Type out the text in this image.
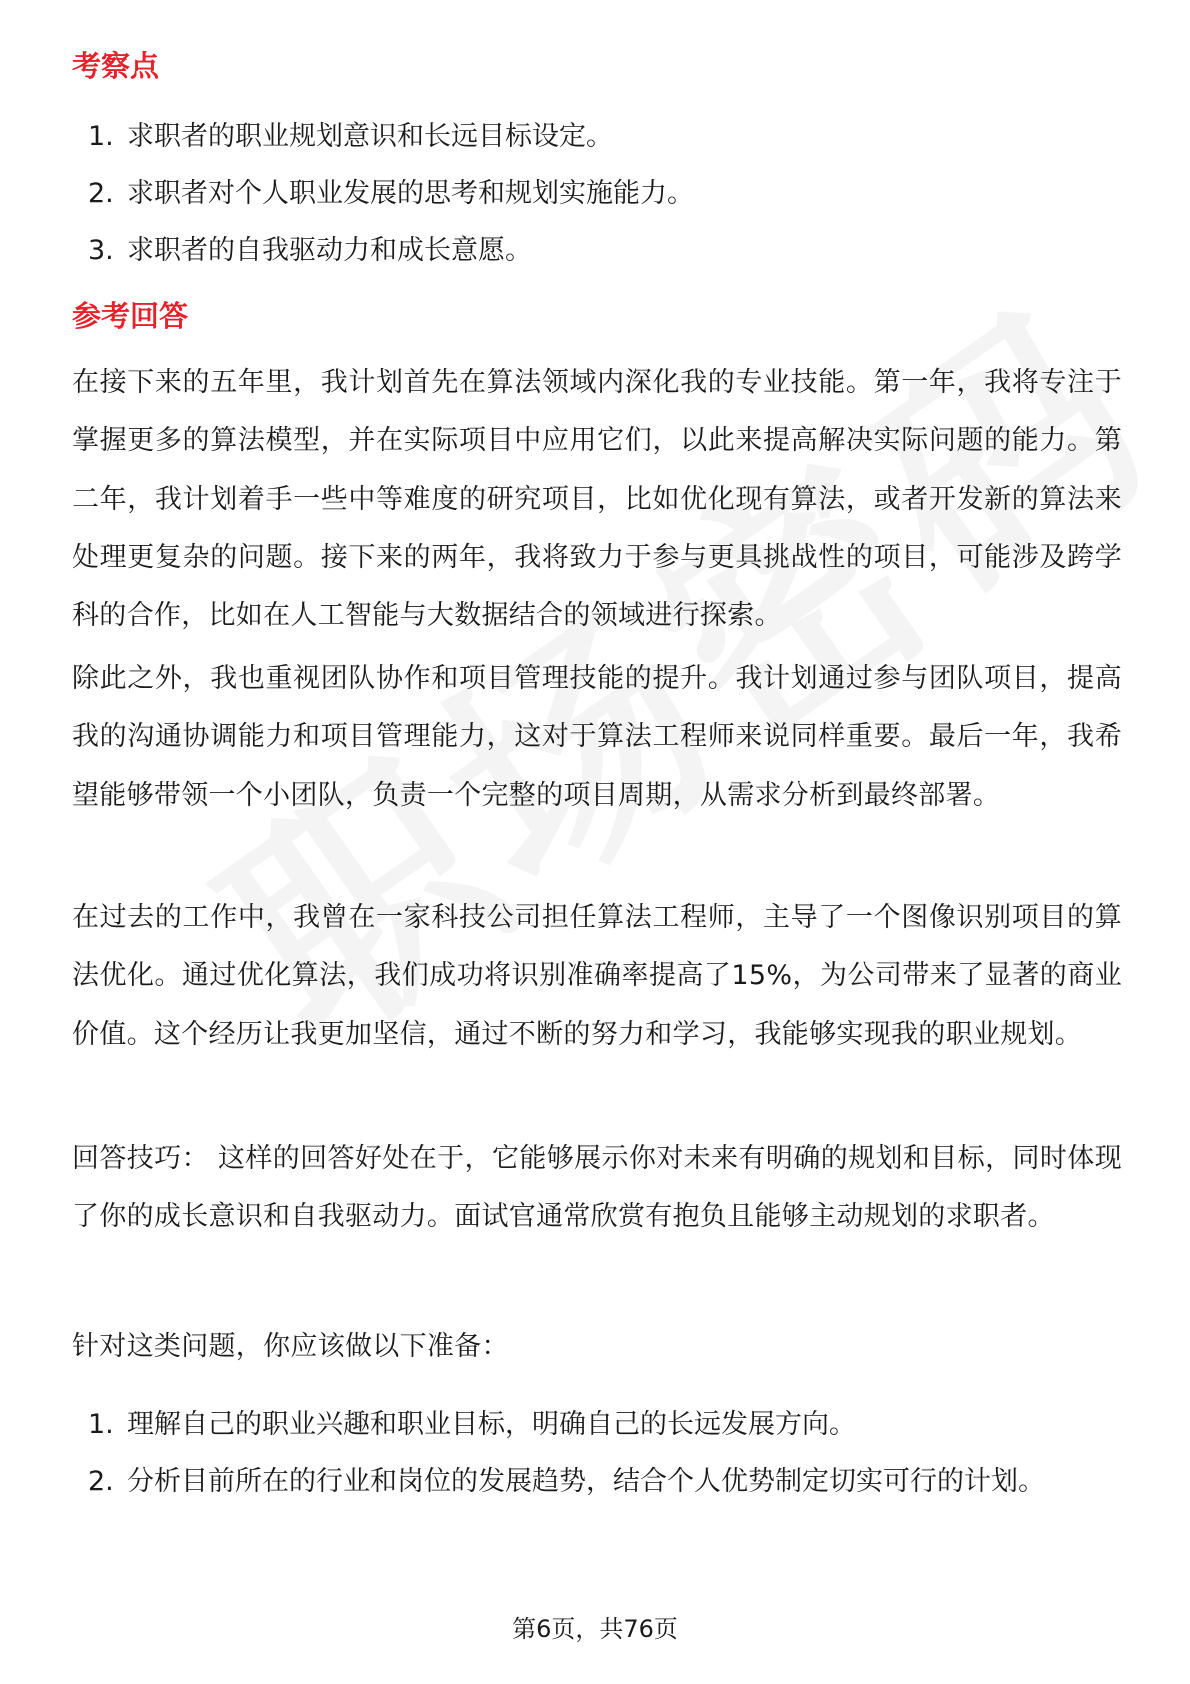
考察点
1. 求职者的职业规划意识和长远目标设定。
2. 求职者对个人职业发展的思考和规划实施能力。
3. 求职者的自我驱动力和成长意愿。
参考回答

在接下来的五年里，我计划首先在算法领域内深化我的专业技能。第一年，我将专注于掌握更多的算法模型，并在实际项目中应用它们，以此来提高解决实际问题的能力。第二年，我计划着手一些中等难度的研究项目，比如优化现有算法，或者开发新的算法来处理更复杂的问题。接下来的两年，我将致力于参与更具挑战性的项目，可能涉及跨学科的合作，比如在人工智能与大数据结合的领域进行探索。

除此之外，我也重视团队协作和项目管理技能的提升。我计划通过参与团队项目，提高我的沟通协调能力和项目管理能力，这对于算法工程师来说同样重要。最后一年，我希望能够带领一个小团队，负责一个完整的项目周期，从需求分析到最终部署。

在过去的工作中，我曾在一家科技公司担任算法工程师，主导了一个图像识别项目的算法优化。通过优化算法，我们成功将识别准确率提高了15%，为公司带来了显著的商业价值。这个经历让我更加坚信，通过不断的努力和学习，我能够实现我的职业规划。

回答技巧： 这样的回答好处在于，它能够展示你对未来有明确的规划和目标，同时体现了你的成长意识和自我驱动力。面试官通常欣赏有抱负且能够主动规划的求职者。

针对这类问题，你应该做以下准备：

1. 理解自己的职业兴趣和职业目标，明确自己的长远发展方向。
2. 分析目前所在的行业和岗位的发展趋势，结合个人优势制定切实可行的计划。
第6页，共76页
